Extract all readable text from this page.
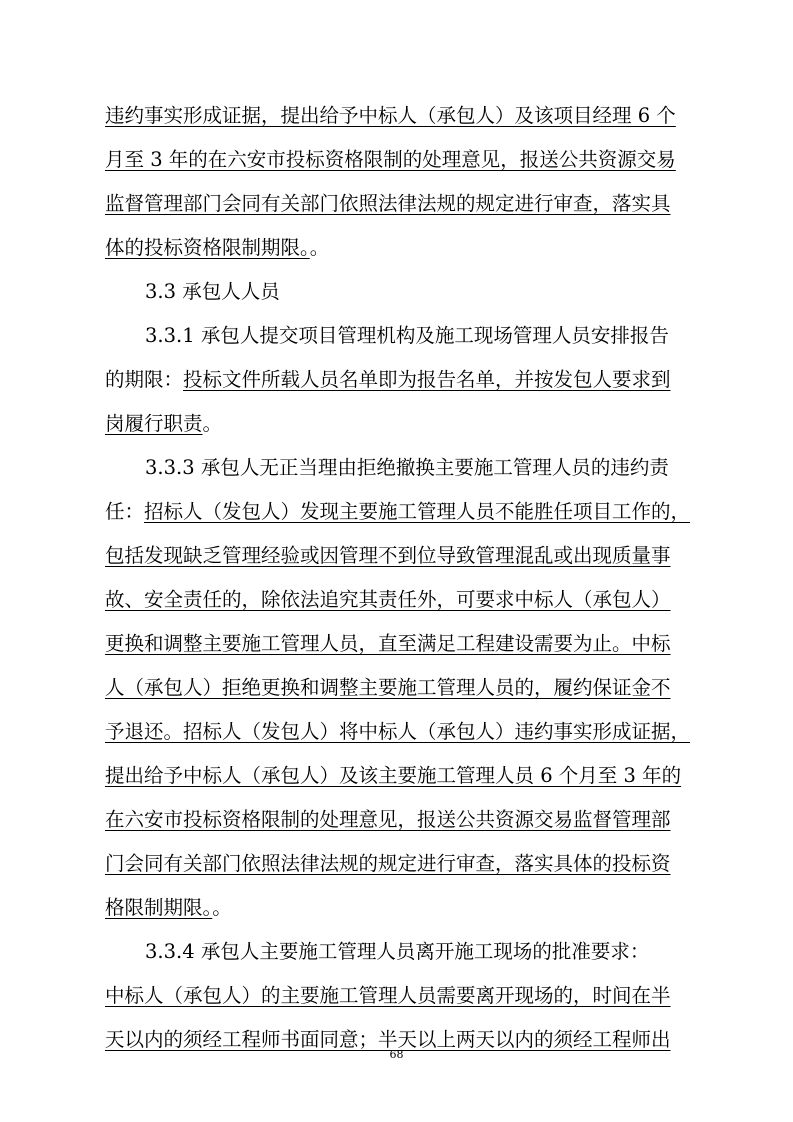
违约事实形成证据，提出给予中标人（承包人）及该项目经理 6 个
月至 3 年的在六安市投标资格限制的处理意见，报送公共资源交易
监督管理部门会同有关部门依照法律法规的规定进行审查，落实具
体的投标资格限制期限。。
3.3 承包人人员
3.3.1 承包人提交项目管理机构及施工现场管理人员安排报告
的期限：投标文件所载人员名单即为报告名单，并按发包人要求到
岗履行职责。
3.3.3 承包人无正当理由拒绝撤换主要施工管理人员的违约责
任：招标人（发包人）发现主要施工管理人员不能胜任项目工作的，
包括发现缺乏管理经验或因管理不到位导致管理混乱或出现质量事
故、安全责任的，除依法追究其责任外，可要求中标人（承包人）
更换和调整主要施工管理人员，直至满足工程建设需要为止。中标
人（承包人）拒绝更换和调整主要施工管理人员的，履约保证金不
予退还。招标人（发包人）将中标人（承包人）违约事实形成证据，
提出给予中标人（承包人）及该主要施工管理人员 6 个月至 3 年的
在六安市投标资格限制的处理意见，报送公共资源交易监督管理部
门会同有关部门依照法律法规的规定进行审查，落实具体的投标资
格限制期限。。
3.3.4 承包人主要施工管理人员离开施工现场的批准要求：
中标人（承包人）的主要施工管理人员需要离开现场的，时间在半
天以内的须经工程师书面同意；半天以上两天以内的须经工程师出
68
